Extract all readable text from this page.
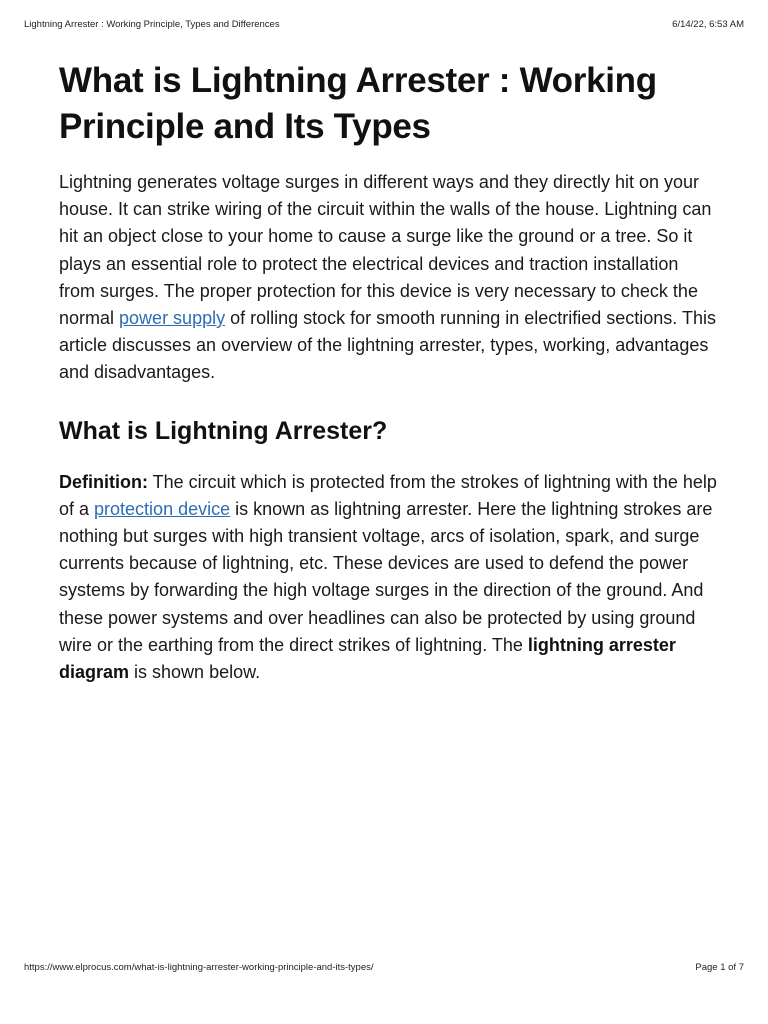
Lightning Arrester : Working Principle, Types and Differences	6/14/22, 6:53 AM
What is Lightning Arrester : Working Principle and Its Types

Lightning generates voltage surges in different ways and they directly hit on your house. It can strike wiring of the circuit within the walls of the house. Lightning can hit an object close to your home to cause a surge like the ground or a tree. So it plays an essential role to protect the electrical devices and traction installation from surges. The proper protection for this device is very necessary to check the normal power supply of rolling stock for smooth running in electrified sections. This article discusses an overview of the lightning arrester, types, working, advantages and disadvantages.

What is Lightning Arrester?

Definition: The circuit which is protected from the strokes of lightning with the help of a protection device is known as lightning arrester. Here the lightning strokes are nothing but surges with high transient voltage, arcs of isolation, spark, and surge currents because of lightning, etc. These devices are used to defend the power systems by forwarding the high voltage surges in the direction of the ground. And these power systems and over headlines can also be protected by using ground wire or the earthing from the direct strikes of lightning. The lightning arrester diagram is shown below.

https://www.elprocus.com/what-is-lightning-arrester-working-principle-and-its-types/	Page 1 of 7
